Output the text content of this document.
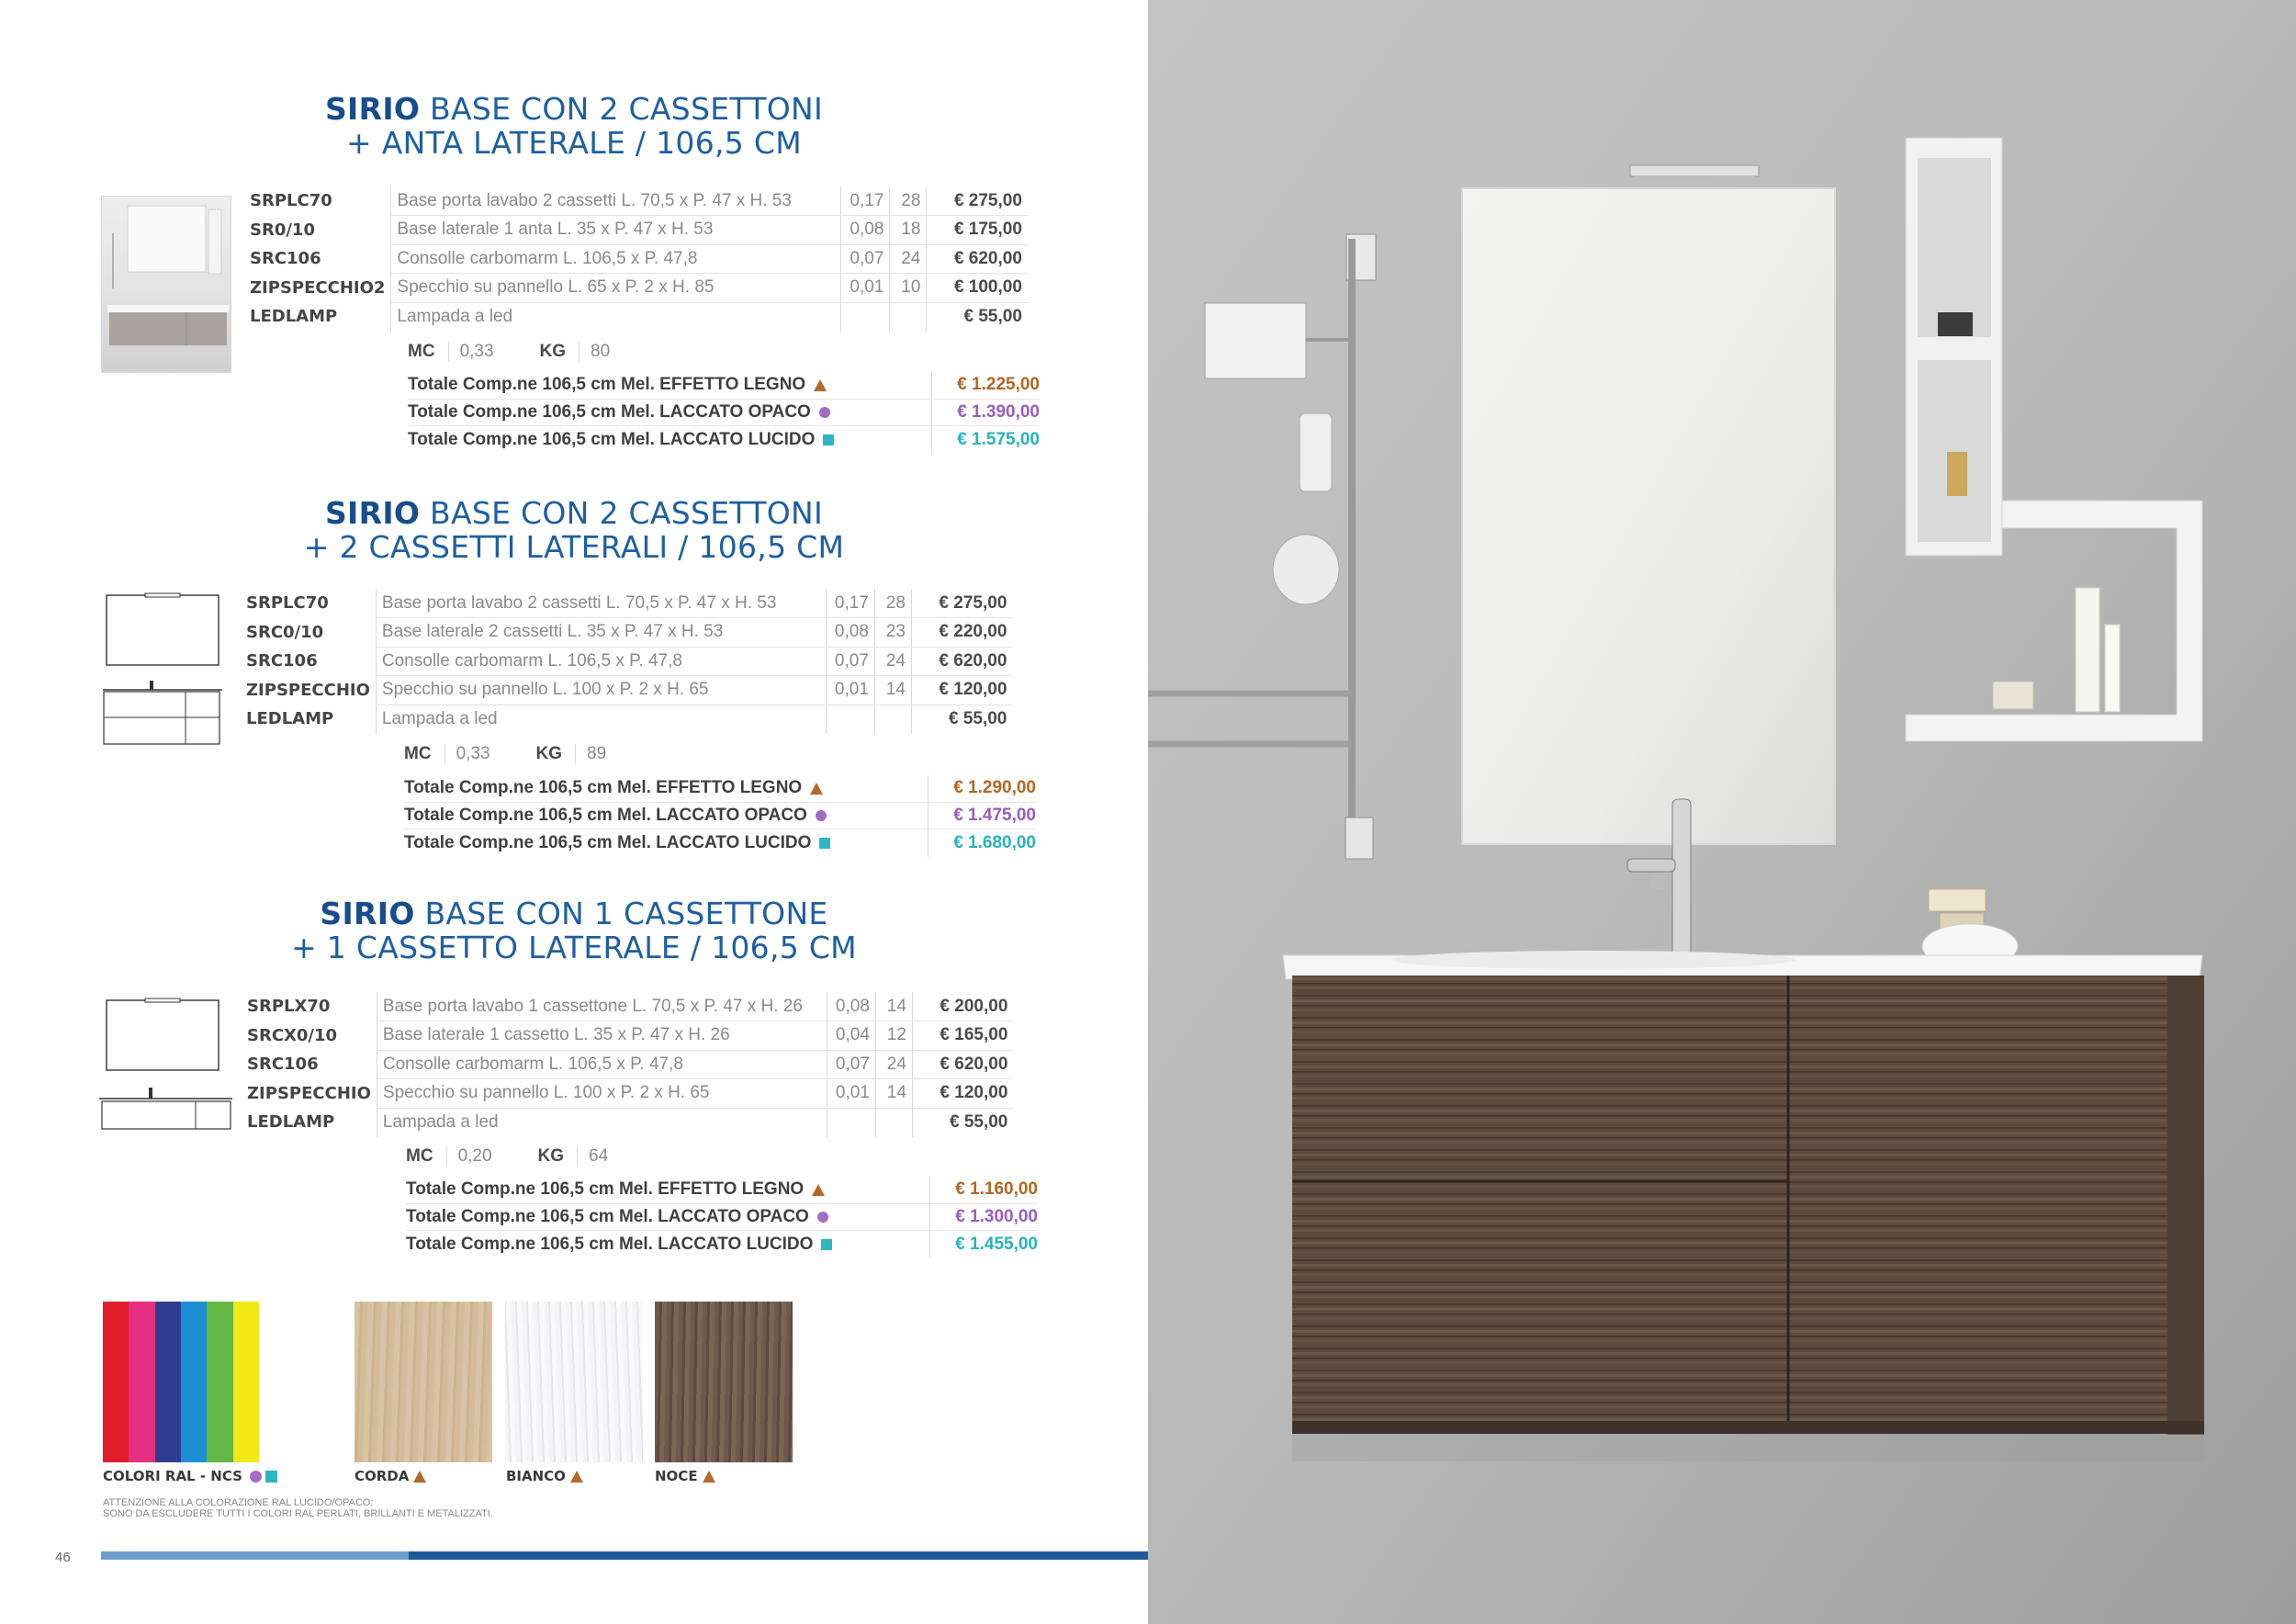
SIRIO BASE CON 2 CASSETTONI
+ ANTA LATERALE / 106,5 CM
SRPLC70	Base porta lavabo 2 cassetti L. 70,5 x P. 47 x H. 53	0,17	28	€ 275,00
SR0/10	Base laterale 1 anta L. 35 x P. 47 x H. 53	0,08	18	€ 175,00
SRC106	Consolle carbomarm L. 106,5 x P. 47,8	0,07	24	€ 620,00
ZIPSPECCHIO2	Specchio su pannello L. 65 x P. 2 x H. 85	0,01	10	€ 100,00
LEDLAMP	Lampada a led			€ 55,00
MC	0,33	KG	80
Totale Comp.ne 106,5 cm Mel. EFFETTO LEGNO	€ 1.225,00
Totale Comp.ne 106,5 cm Mel. LACCATO OPACO	€ 1.390,00
Totale Comp.ne 106,5 cm Mel. LACCATO LUCIDO	€ 1.575,00
SIRIO BASE CON 2 CASSETTONI
+ 2 CASSETTI LATERALI / 106,5 CM
SRPLC70	Base porta lavabo 2 cassetti L. 70,5 x P. 47 x H. 53	0,17	28	€ 275,00
SRC0/10	Base laterale 2 cassetti L. 35 x P. 47 x H. 53	0,08	23	€ 220,00
SRC106	Consolle carbomarm L. 106,5 x P. 47,8	0,07	24	€ 620,00
ZIPSPECCHIO	Specchio su pannello L. 100 x P. 2 x H. 65	0,01	14	€ 120,00
LEDLAMP	Lampada a led			€ 55,00
MC	0,33	KG	89
Totale Comp.ne 106,5 cm Mel. EFFETTO LEGNO	€ 1.290,00
Totale Comp.ne 106,5 cm Mel. LACCATO OPACO	€ 1.475,00
Totale Comp.ne 106,5 cm Mel. LACCATO LUCIDO	€ 1.680,00
SIRIO BASE CON 1 CASSETTONE
+ 1 CASSETTO LATERALE / 106,5 CM
SRPLX70	Base porta lavabo 1 cassettone L. 70,5 x P. 47 x H. 26	0,08	14	€ 200,00
SRCX0/10	Base laterale 1 cassetto L. 35 x P. 47 x H. 26	0,04	12	€ 165,00
SRC106	Consolle carbomarm L. 106,5 x P. 47,8	0,07	24	€ 620,00
ZIPSPECCHIO	Specchio su pannello L. 100 x P. 2 x H. 65	0,01	14	€ 120,00
LEDLAMP	Lampada a led			€ 55,00
MC	0,20	KG	64
Totale Comp.ne 106,5 cm Mel. EFFETTO LEGNO	€ 1.160,00
Totale Comp.ne 106,5 cm Mel. LACCATO OPACO	€ 1.300,00
Totale Comp.ne 106,5 cm Mel. LACCATO LUCIDO	€ 1.455,00
COLORI RAL - NCS	CORDA	BIANCO	NOCE
ATTENZIONE ALLA COLORAZIONE RAL LUCIDO/OPACO:
SONO DA ESCLUDERE TUTTI I COLORI RAL PERLATI, BRILLANTI E METALIZZATI.
46
